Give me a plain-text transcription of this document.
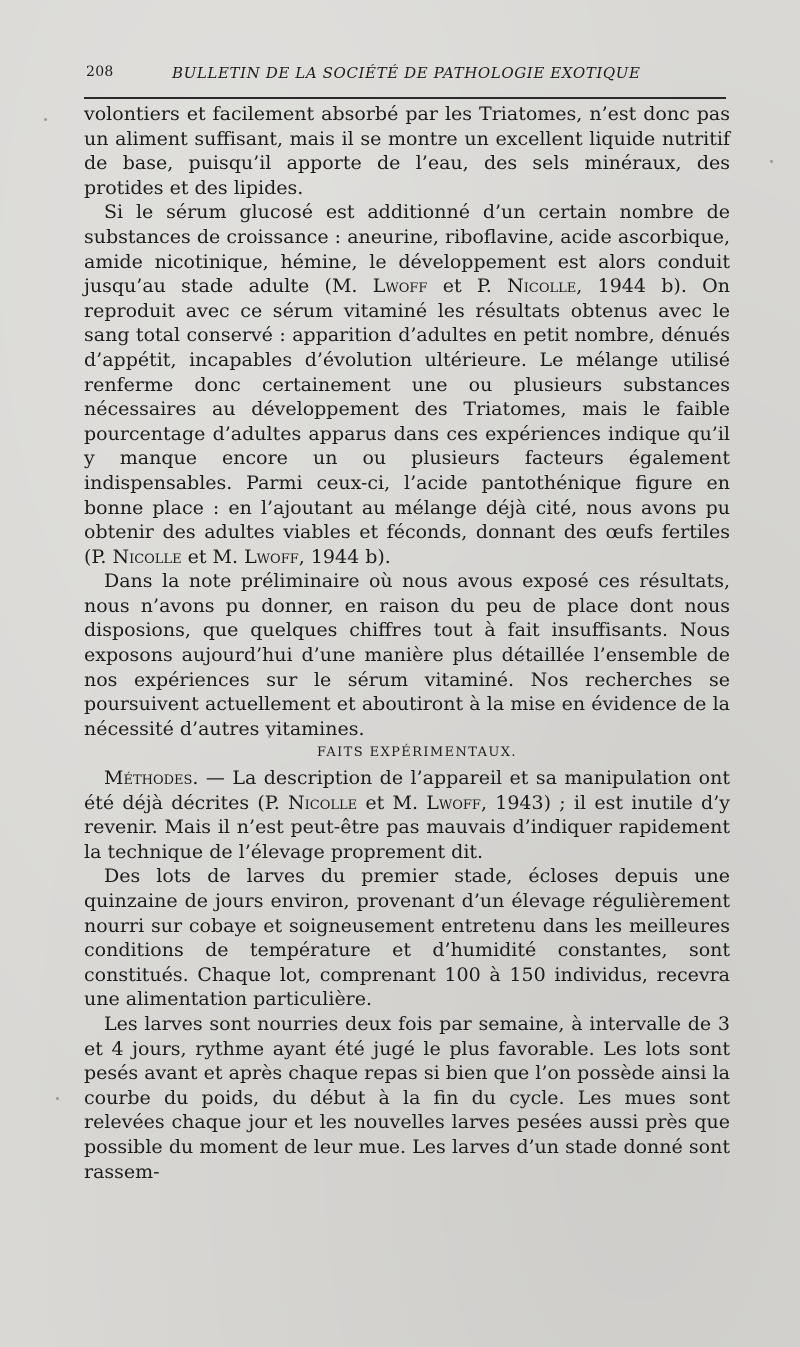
208	BULLETIN DE LA SOCIÉTÉ DE PATHOLOGIE EXOTIQUE

volontiers et facilement absorbé par les Triatomes, n’est donc pas un aliment suffisant, mais il se montre un excellent liquide nutritif de base, puisqu’il apporte de l’eau, des sels minéraux, des protides et des lipides.

Si le sérum glucosé est additionné d’un certain nombre de substances de croissance : aneurine, riboflavine, acide ascorbique, amide nicotinique, hémine, le développement est alors conduit jusqu’au stade adulte (M. Lwoff et P. Nicolle, 1944 b). On reproduit avec ce sérum vitaminé les résultats obtenus avec le sang total conservé : apparition d’adultes en petit nombre, dénués d’appétit, incapables d’évolution ultérieure. Le mélange utilisé renferme donc certainement une ou plusieurs substances nécessaires au développement des Triatomes, mais le faible pourcentage d’adultes apparus dans ces expériences indique qu’il y manque encore un ou plusieurs facteurs également indispensables. Parmi ceux-ci, l’acide pantothénique figure en bonne place : en l’ajoutant au mélange déjà cité, nous avons pu obtenir des adultes viables et féconds, donnant des œufs fertiles (P. Nicolle et M. Lwoff, 1944 b).

Dans la note préliminaire où nous avous exposé ces résultats, nous n’avons pu donner, en raison du peu de place dont nous disposions, que quelques chiffres tout à fait insuffisants. Nous exposons aujourd’hui d’une manière plus détaillée l’ensemble de nos expériences sur le sérum vitaminé. Nos recherches se poursuivent actuellement et aboutiront à la mise en évidence de la nécessité d’autres vitamines.

FAITS EXPÉRIMENTAUX.

Méthodes. — La description de l’appareil et sa manipulation ont été déjà décrites (P. Nicolle et M. Lwoff, 1943) ; il est inutile d’y revenir. Mais il n’est peut-être pas mauvais d’indiquer rapidement la technique de l’élevage proprement dit.

Des lots de larves du premier stade, écloses depuis une quinzaine de jours environ, provenant d’un élevage régulièrement nourri sur cobaye et soigneusement entretenu dans les meilleures conditions de température et d’humidité constantes, sont constitués. Chaque lot, comprenant 100 à 150 individus, recevra une alimentation particulière.

Les larves sont nourries deux fois par semaine, à intervalle de 3 et 4 jours, rythme ayant été jugé le plus favorable. Les lots sont pesés avant et après chaque repas si bien que l’on possède ainsi la courbe du poids, du début à la fin du cycle. Les mues sont relevées chaque jour et les nouvelles larves pesées aussi près que possible du moment de leur mue. Les larves d’un stade donné sont rassem-
